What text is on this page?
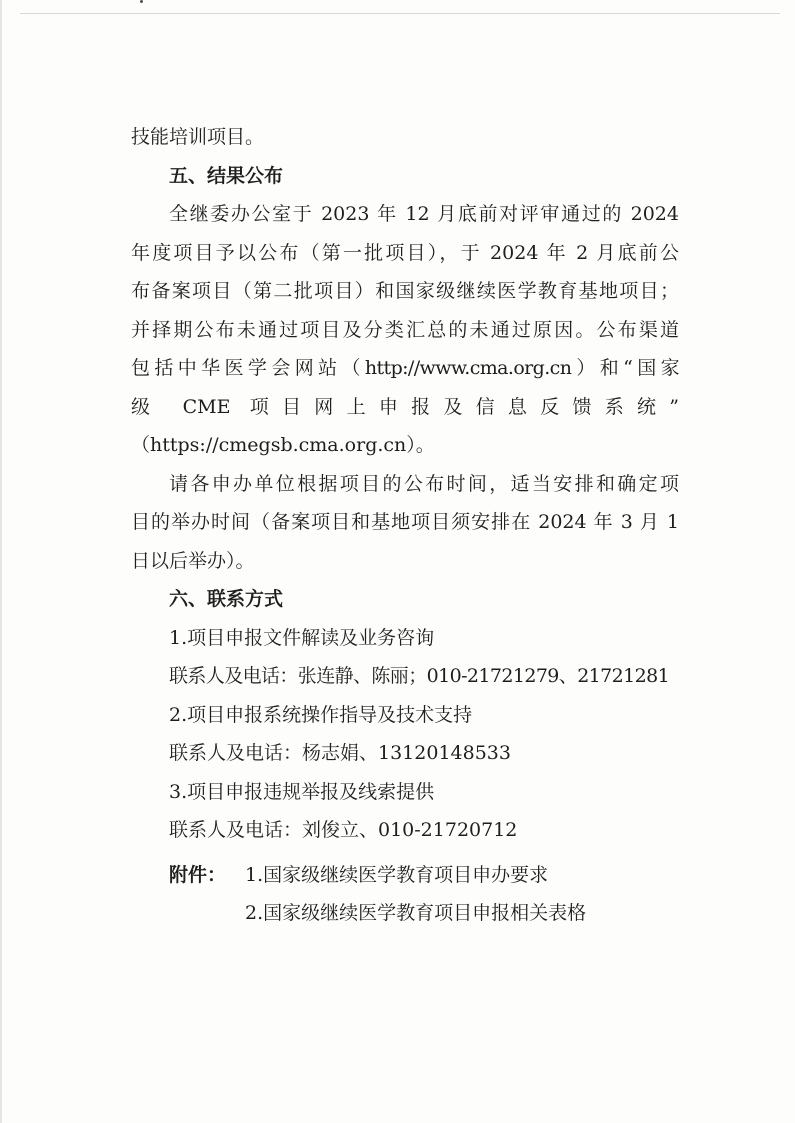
技能培训项目。
五、结果公布
全继委办公室于 2023 年 12 月底前对评审通过的 2024
年度项目予以公布（第一批项目），于 2024 年 2 月底前公
布备案项目（第二批项目）和国家级继续医学教育基地项目；
并择期公布未通过项目及分类汇总的未通过原因。公布渠道
包括中华医学会网站（http://www.cma.org.cn）和“国家
级 CME 项目网上申报及信息反馈系统”
（https://cmegsb.cma.org.cn）。
请各申办单位根据项目的公布时间，适当安排和确定项
目的举办时间（备案项目和基地项目须安排在 2024 年 3 月 1
日以后举办）。
六、联系方式
1.项目申报文件解读及业务咨询
联系人及电话：张连静、陈丽；010-21721279、21721281
2.项目申报系统操作指导及技术支持
联系人及电话：杨志娟、13120148533
3.项目申报违规举报及线索提供
联系人及电话：刘俊立、010-21720712
附件： 1.国家级继续医学教育项目申办要求
2.国家级继续医学教育项目申报相关表格
